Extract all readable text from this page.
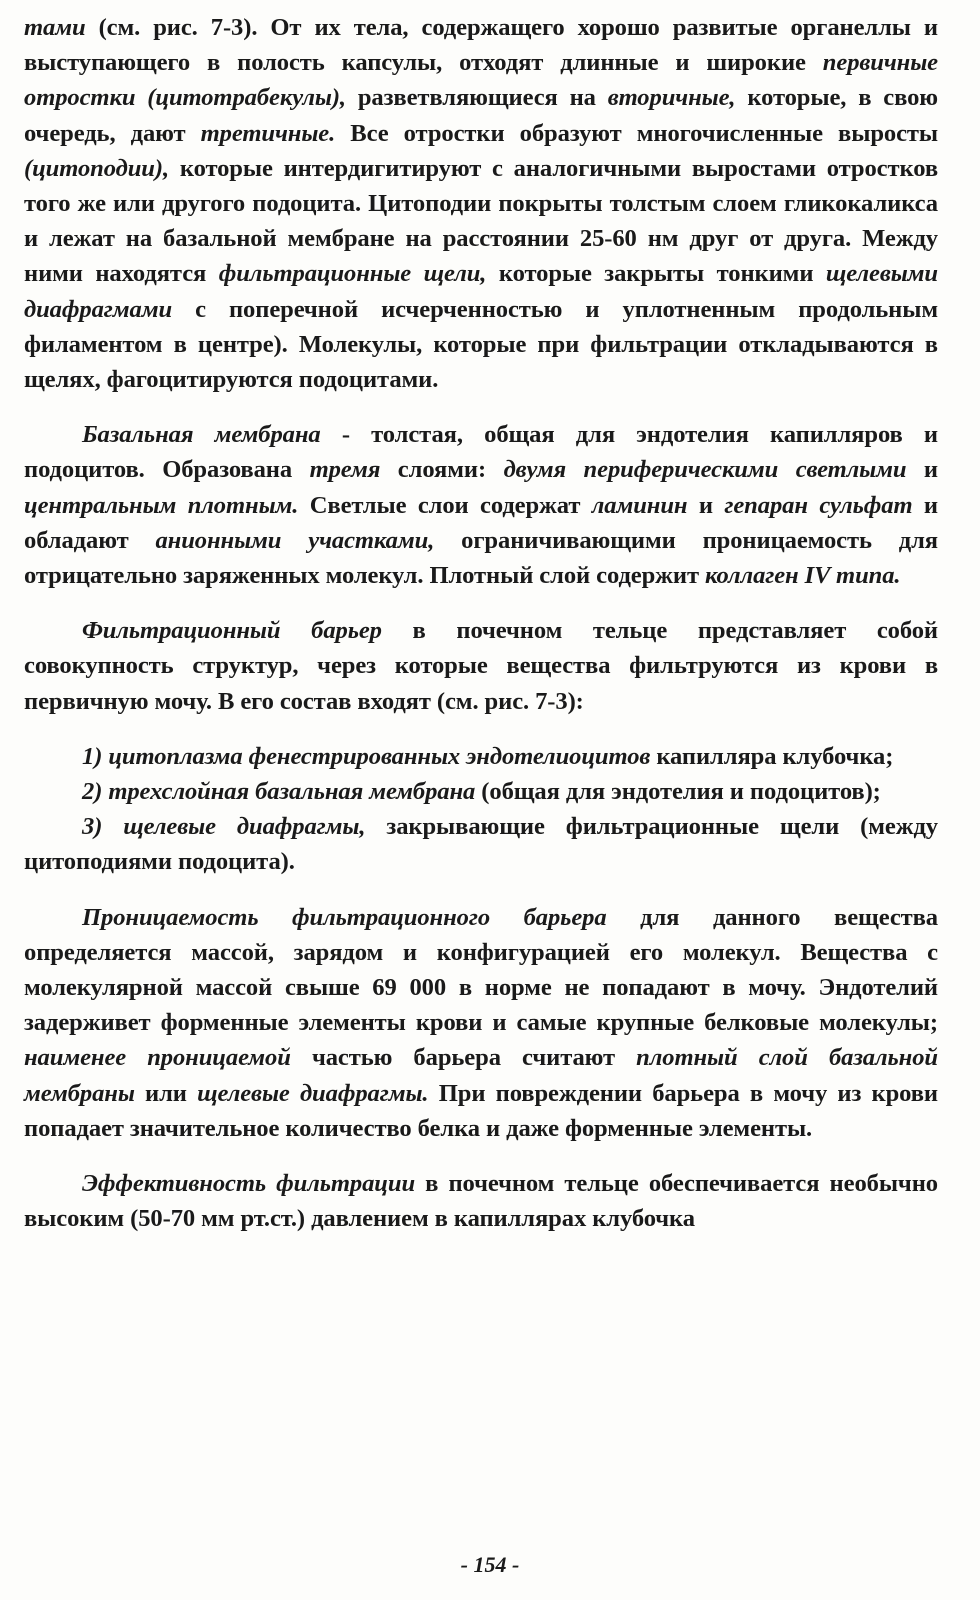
тами (см. рис. 7-3). От их тела, содержащего хорошо развитые органеллы и выступающего в полость капсулы, отходят длинные и широкие первичные отростки (цитотрабекулы), разветвляющиеся на вторичные, которые, в свою очередь, дают третичные. Все отростки образуют многочисленные выросты (цитоподии), которые интердигитируют с аналогичными выростами отростков того же или другого подоцита. Цитоподии покрыты толстым слоем гликокаликса и лежат на базальной мембране на расстоянии 25-60 нм друг от друга. Между ними находятся фильтрационные щели, которые закрыты тонкими щелевыми диафрагмами с поперечной исчерченностью и уплотненным продольным филаментом в центре). Молекулы, которые при фильтрации откладываются в щелях, фагоцитируются подоцитами.

Базальная мембрана - толстая, общая для эндотелия капилляров и подоцитов. Образована тремя слоями: двумя периферическими светлыми и центральным плотным. Светлые слои содержат ламинин и гепаран сульфат и обладают анионными участками, ограничивающими проницаемость для отрицательно заряженных молекул. Плотный слой содержит коллаген IV типа.

Фильтрационный барьер в почечном тельце представляет собой совокупность структур, через которые вещества фильтруются из крови в первичную мочу. В его состав входят (см. рис. 7-3):

1) цитоплазма фенестрированных эндотелиоцитов капилляра клубочка;

2) трехслойная базальная мембрана (общая для эндотелия и подоцитов);

3) щелевые диафрагмы, закрывающие фильтрационные щели (между цитоподиями подоцита).

Проницаемость фильтрационного барьера для данного вещества определяется массой, зарядом и конфигурацией его молекул. Вещества с молекулярной массой свыше 69 000 в норме не попадают в мочу. Эндотелий задерживет форменные элементы крови и самые крупные белковые молекулы; наименее проницаемой частью барьера считают плотный слой базальной мембраны или щелевые диафрагмы. При повреждении барьера в мочу из крови попадает значительное количество белка и даже форменные элементы.

Эффективность фильтрации в почечном тельце обеспечивается необычно высоким (50-70 мм рт.ст.) давлением в капиллярах клубочка

- 154 -
